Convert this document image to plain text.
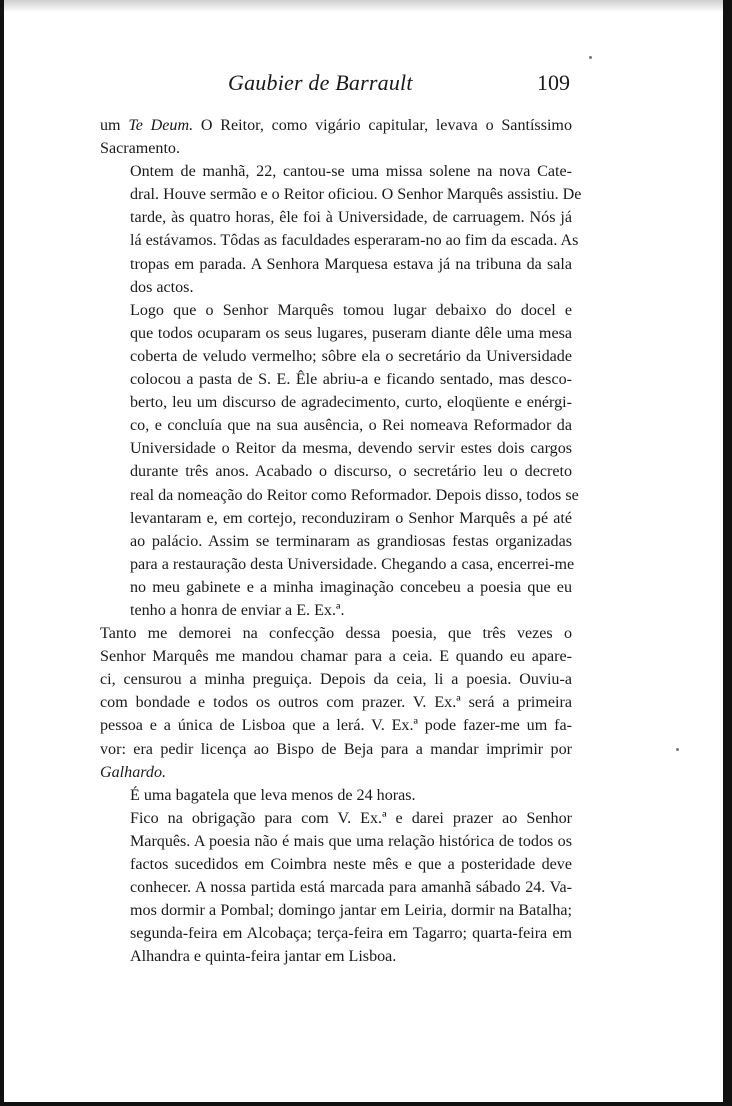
Gaubier de Barrault	109

um Te Deum. O Reitor, como vigário capitular, levava o Santíssimo
Sacramento.

Ontem de manhã, 22, cantou-se uma missa solene na nova Cate-
dral. Houve sermão e o Reitor oficiou. O Senhor Marquês assistiu. De
tarde, às quatro horas, êle foi à Universidade, de carruagem. Nós já
lá estávamos. Tôdas as faculdades esperaram-no ao fim da escada. As
tropas em parada. A Senhora Marquesa estava já na tribuna da sala
dos actos.

Logo que o Senhor Marquês tomou lugar debaixo do docel e
que todos ocuparam os seus lugares, puseram diante dêle uma mesa
coberta de veludo vermelho; sôbre ela o secretário da Universidade
colocou a pasta de S. E. Êle abriu-a e ficando sentado, mas desco-
berto, leu um discurso de agradecimento, curto, eloqüente e enérgi-
co, e concluía que na sua ausência, o Rei nomeava Reformador da
Universidade o Reitor da mesma, devendo servir estes dois cargos
durante três anos. Acabado o discurso, o secretário leu o decreto
real da nomeação do Reitor como Reformador. Depois disso, todos se
levantaram e, em cortejo, reconduziram o Senhor Marquês a pé até
ao palácio. Assim se terminaram as grandiosas festas organizadas
para a restauração desta Universidade. Chegando a casa, encerrei-me
no meu gabinete e a minha imaginação concebeu a poesia que eu
tenho a honra de enviar a E. Ex.ª.

Tanto me demorei na confecção dessa poesia, que três vezes o
Senhor Marquês me mandou chamar para a ceia. E quando eu apare-
ci, censurou a minha preguiça. Depois da ceia, li a poesia. Ouviu-a
com bondade e todos os outros com prazer. V. Ex.ª será a primeira
pessoa e a única de Lisboa que a lerá. V. Ex.ª pode fazer-me um fa-
vor: era pedir licença ao Bispo de Beja para a mandar imprimir por
Galhardo.

É uma bagatela que leva menos de 24 horas.

Fico na obrigação para com V. Ex.ª e darei prazer ao Senhor
Marquês. A poesia não é mais que uma relação histórica de todos os
factos sucedidos em Coimbra neste mês e que a posteridade deve
conhecer. A nossa partida está marcada para amanhã sábado 24. Va-
mos dormir a Pombal; domingo jantar em Leiria, dormir na Batalha;
segunda-feira em Alcobaça; terça-feira em Tagarro; quarta-feira em
Alhandra e quinta-feira jantar em Lisboa.
